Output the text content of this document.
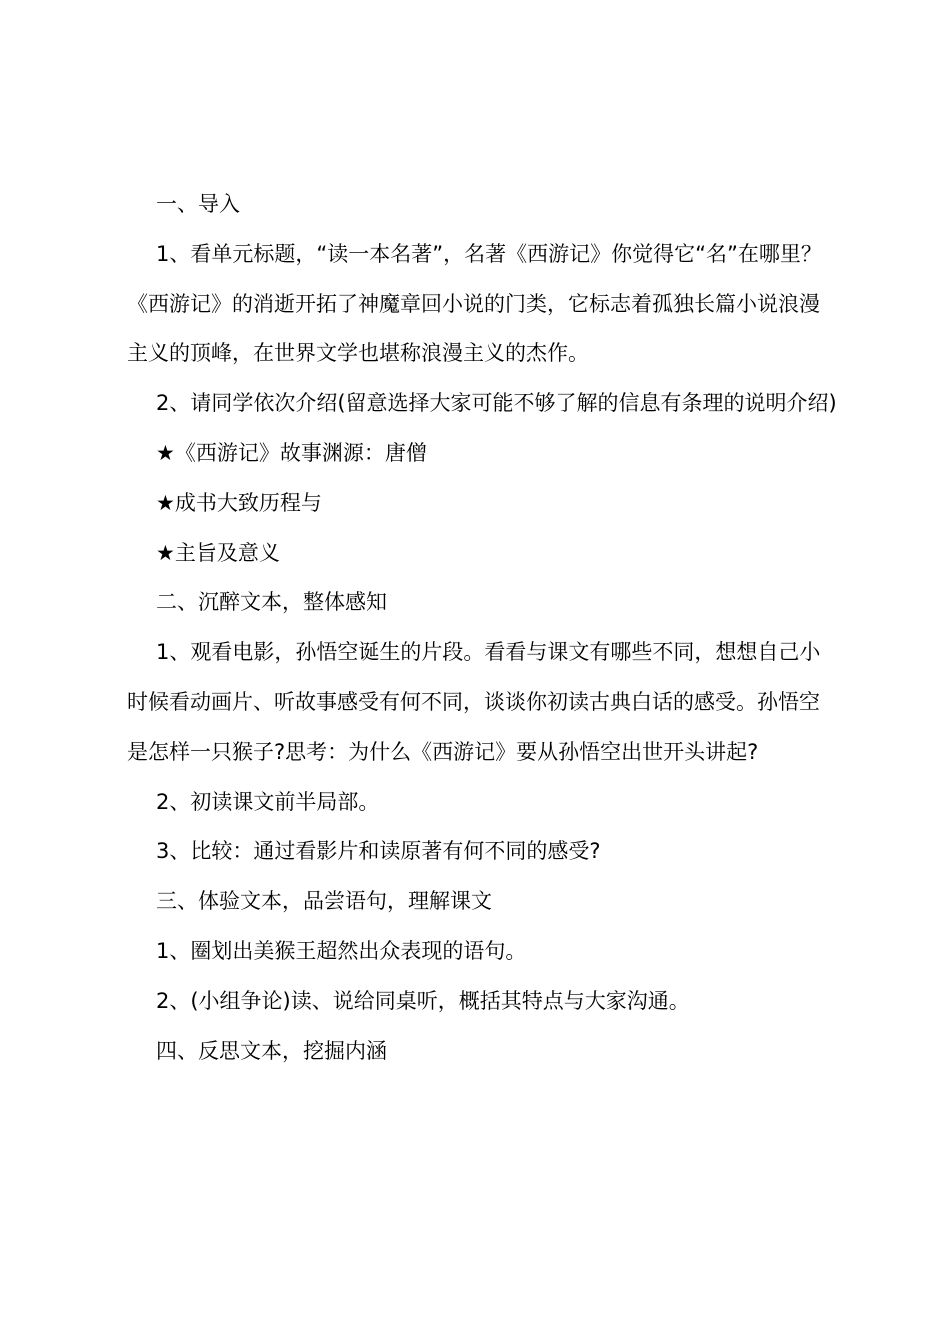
一、导入

1、看单元标题，“读一本名著”，名著《西游记》你觉得它“名”在哪里？《西游记》的消逝开拓了神魔章回小说的门类，它标志着孤独长篇小说浪漫主义的顶峰，在世界文学也堪称浪漫主义的杰作。

2、请同学依次介绍(留意选择大家可能不够了解的信息有条理的说明介绍)

★《西游记》故事渊源：唐僧

★成书大致历程与

★主旨及意义

二、沉醉文本，整体感知

1、观看电影，孙悟空诞生的片段。看看与课文有哪些不同，想想自己小时候看动画片、听故事感受有何不同，谈谈你初读古典白话的感受。孙悟空是怎样一只猴子?思考：为什么《西游记》要从孙悟空出世开头讲起?

2、初读课文前半局部。

3、比较：通过看影片和读原著有何不同的感受?

三、体验文本，品尝语句，理解课文

1、圈划出美猴王超然出众表现的语句。

2、(小组争论)读、说给同桌听，概括其特点与大家沟通。

四、反思文本，挖掘内涵
